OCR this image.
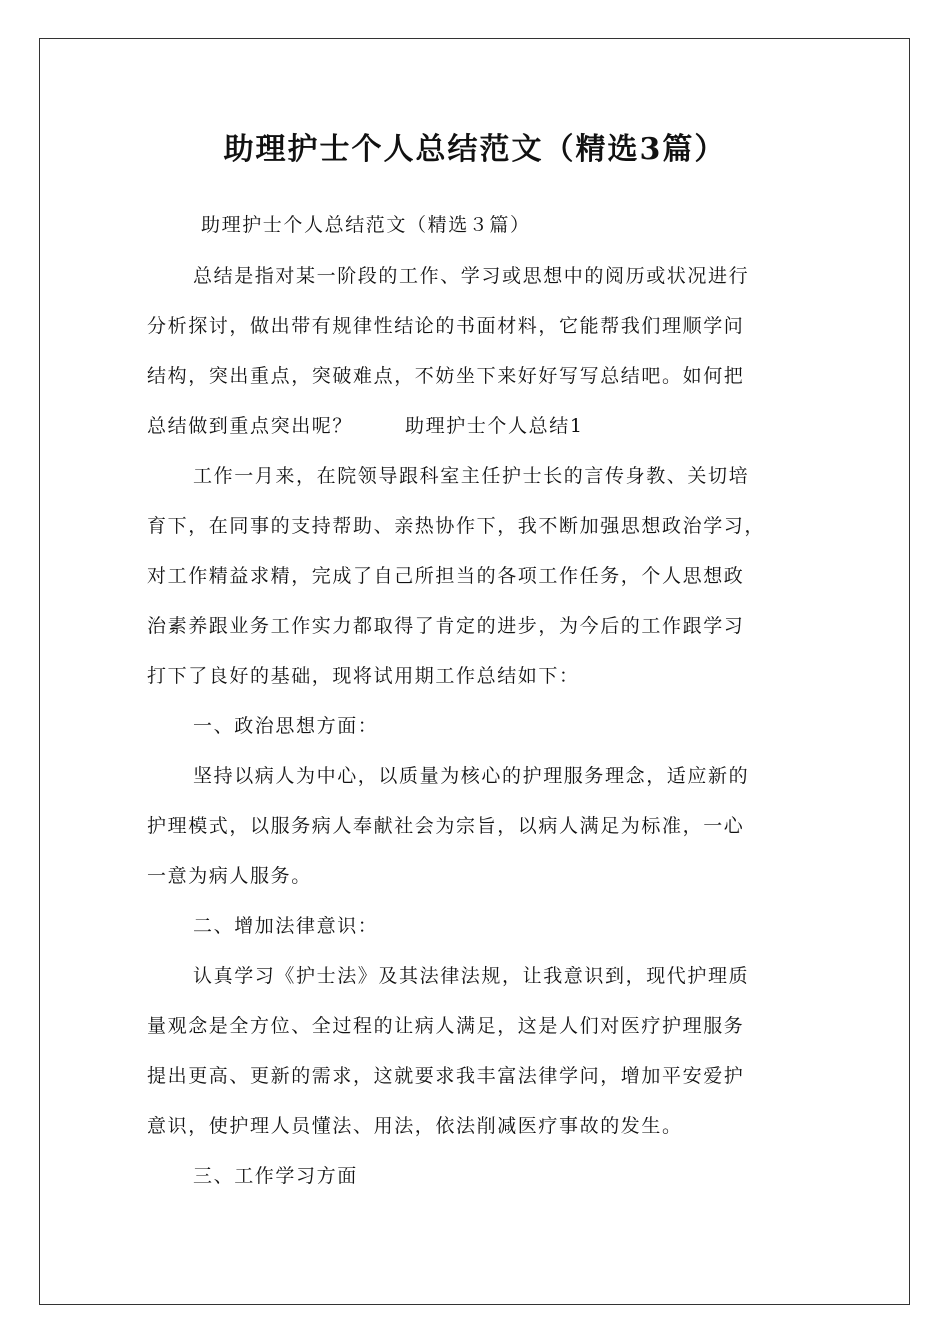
助理护士个人总结范文（精选3篇）

助理护士个人总结范文（精选３篇）

总结是指对某一阶段的工作、学习或思想中的阅历或状况进行

分析探讨，做出带有规律性结论的书面材料，它能帮我们理顺学问

结构，突出重点，突破难点，不妨坐下来好好写写总结吧。如何把

总结做到重点突出呢？	助理护士个人总结1

工作一月来，在院领导跟科室主任护士长的言传身教、关切培

育下，在同事的支持帮助、亲热协作下，我不断加强思想政治学习，

对工作精益求精，完成了自己所担当的各项工作任务，个人思想政

治素养跟业务工作实力都取得了肯定的进步，为今后的工作跟学习

打下了良好的基础，现将试用期工作总结如下：

一、政治思想方面：

坚持以病人为中心，以质量为核心的护理服务理念，适应新的

护理模式，以服务病人奉献社会为宗旨，以病人满足为标准，一心

一意为病人服务。

二、增加法律意识：

认真学习《护士法》及其法律法规，让我意识到，现代护理质

量观念是全方位、全过程的让病人满足，这是人们对医疗护理服务

提出更高、更新的需求，这就要求我丰富法律学问，增加平安爱护

意识，使护理人员懂法、用法，依法削减医疗事故的发生。

三、工作学习方面
